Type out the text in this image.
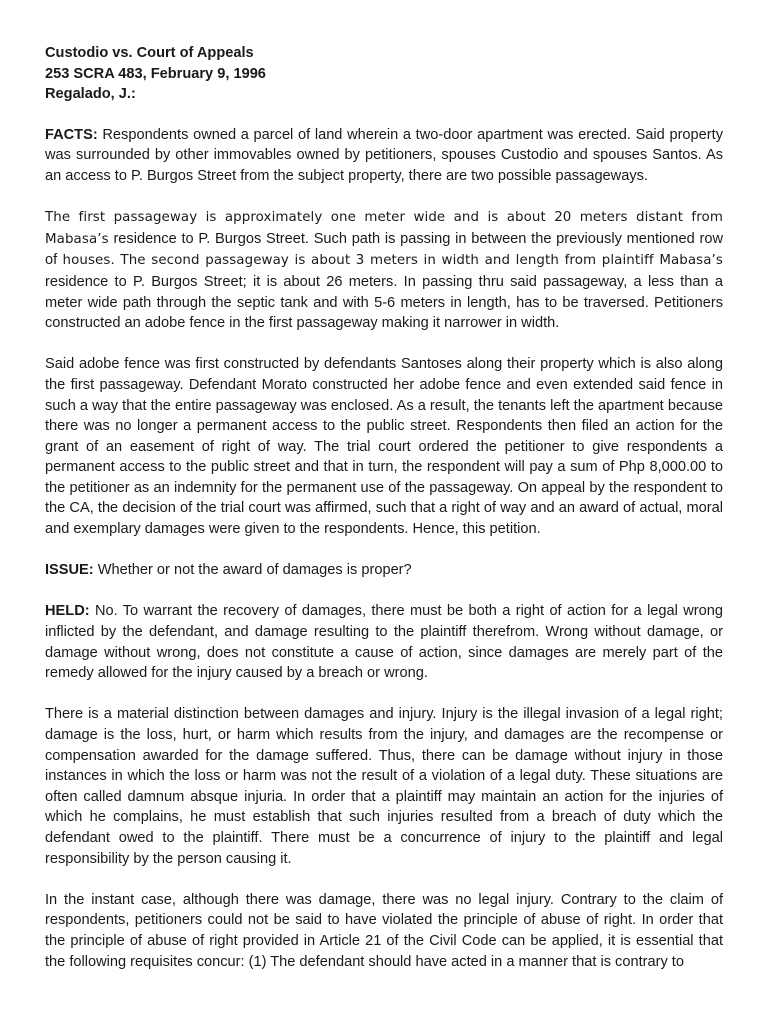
Custodio vs. Court of Appeals

253 SCRA 483, February 9, 1996

Regalado, J.:

FACTS: Respondents owned a parcel of land wherein a two-door apartment was erected. Said property was surrounded by other immovables owned by petitioners, spouses Custodio and spouses Santos. As an access to P. Burgos Street from the subject property, there are two possible passageways.

The first passageway is approximately one meter wide and is about 20 meters distant from Mabasa’s residence to P. Burgos Street. Such path is passing in between the previously mentioned row of houses. The second passageway is about 3 meters in width and length from plaintiff Mabasa’s residence to P. Burgos Street; it is about 26 meters. In passing thru said passageway, a less than a meter wide path through the septic tank and with 5-6 meters in length, has to be traversed. Petitioners constructed an adobe fence in the first passageway making it narrower in width.

Said adobe fence was first constructed by defendants Santoses along their property which is also along the first passageway. Defendant Morato constructed her adobe fence and even extended said fence in such a way that the entire passageway was enclosed. As a result, the tenants left the apartment because there was no longer a permanent access to the public street. Respondents then filed an action for the grant of an easement of right of way. The trial court ordered the petitioner to give respondents a permanent access to the public street and that in turn, the respondent will pay a sum of Php 8,000.00 to the petitioner as an indemnity for the permanent use of the passageway. On appeal by the respondent to the CA, the decision of the trial court was affirmed, such that a right of way and an award of actual, moral and exemplary damages were given to the respondents. Hence, this petition.

ISSUE: Whether or not the award of damages is proper?

HELD: No. To warrant the recovery of damages, there must be both a right of action for a legal wrong inflicted by the defendant, and damage resulting to the plaintiff therefrom. Wrong without damage, or damage without wrong, does not constitute a cause of action, since damages are merely part of the remedy allowed for the injury caused by a breach or wrong.

There is a material distinction between damages and injury. Injury is the illegal invasion of a legal right; damage is the loss, hurt, or harm which results from the injury, and damages are the recompense or compensation awarded for the damage suffered. Thus, there can be damage without injury in those instances in which the loss or harm was not the result of a violation of a legal duty. These situations are often called damnum absque injuria. In order that a plaintiff may maintain an action for the injuries of which he complains, he must establish that such injuries resulted from a breach of duty which the defendant owed to the plaintiff. There must be a concurrence of injury to the plaintiff and legal responsibility by the person causing it.

In the instant case, although there was damage, there was no legal injury. Contrary to the claim of respondents, petitioners could not be said to have violated the principle of abuse of right. In order that the principle of abuse of right provided in Article 21 of the Civil Code can be applied, it is essential that the following requisites concur: (1) The defendant should have acted in a manner that is contrary to
